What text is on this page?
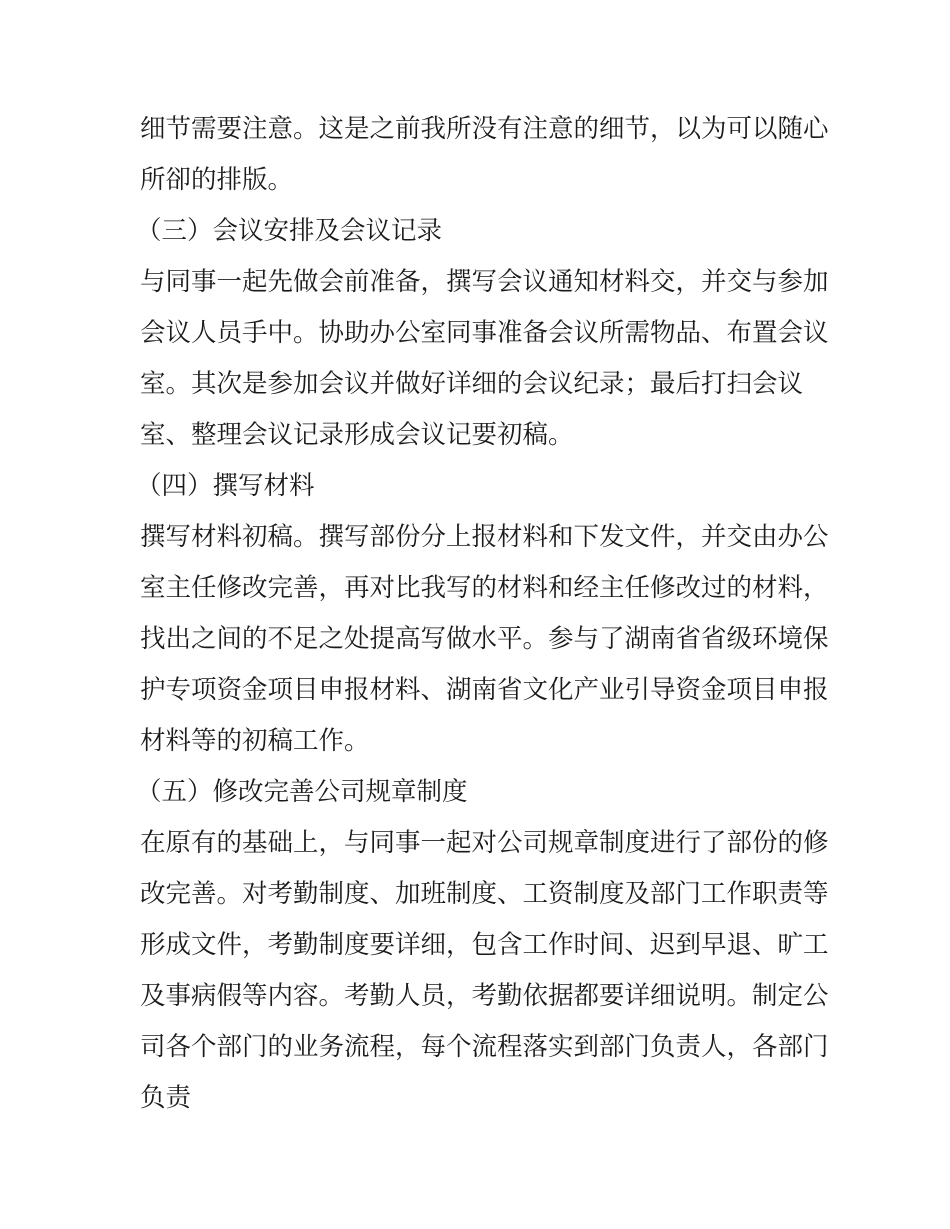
细节需要注意。这是之前我所没有注意的细节，以为可以随心
所卻的排版。
（三）会议安排及会议记录
与同事一起先做会前准备，撰写会议通知材料交，并交与参加
会议人员手中。协助办公室同事准备会议所需物品、布置会议
室。其次是参加会议并做好详细的会议纪录；最后打扫会议
室、整理会议记录形成会议记要初稿。
（四）撰写材料
撰写材料初稿。撰写部份分上报材料和下发文件，并交由办公
室主任修改完善，再对比我写的材料和经主任修改过的材料，
找出之间的不足之处提高写做水平。参与了湖南省省级环境保
护专项资金项目申报材料、湖南省文化产业引导资金项目申报
材料等的初稿工作。
（五）修改完善公司规章制度
在原有的基础上，与同事一起对公司规章制度进行了部份的修
改完善。对考勤制度、加班制度、工资制度及部门工作职责等
形成文件，考勤制度要详细，包含工作时间、迟到早退、旷工
及事病假等内容。考勤人员，考勤依据都要详细说明。制定公
司各个部门的业务流程，每个流程落实到部门负责人，各部门
负责
